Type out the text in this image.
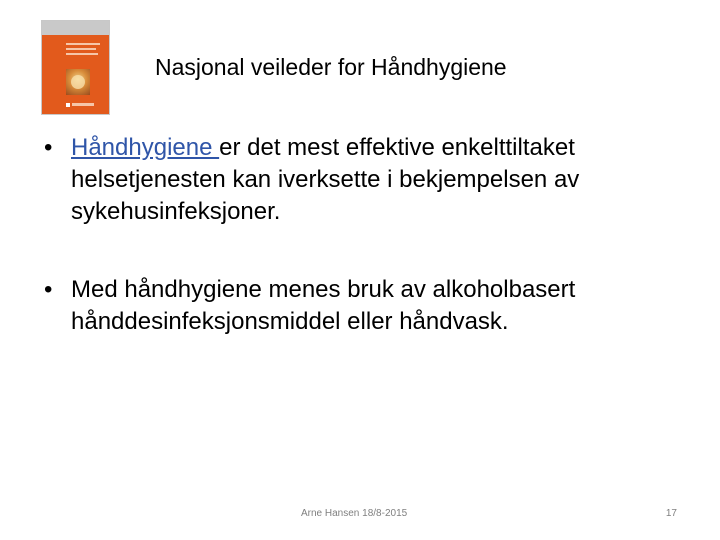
Nasjonal veileder for Håndhygiene
• Håndhygiene er det mest effektive enkelttiltaket helsetjenesten kan iverksette i bekjempelsen av sykehusinfeksjoner.
• Med håndhygiene menes bruk av alkoholbasert hånddesinfeksjonsmiddel eller håndvask.
Arne Hansen 18/8-2015	17
